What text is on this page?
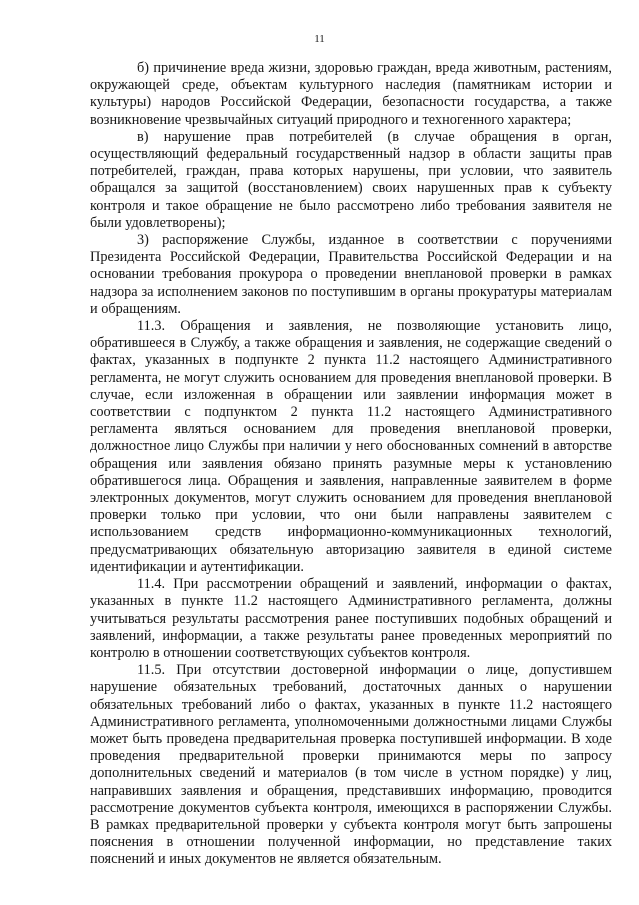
11

б) причинение вреда жизни, здоровью граждан, вреда животным, растениям, окружающей среде, объектам культурного наследия (памятникам истории и культуры) народов Российской Федерации, безопасности государства, а также возникновение чрезвычайных ситуаций природного и техногенного характера;

в) нарушение прав потребителей (в случае обращения в орган, осуществляющий федеральный государственный надзор в области защиты прав потребителей, граждан, права которых нарушены, при условии, что заявитель обращался за защитой (восстановлением) своих нарушенных прав к субъекту контроля и такое обращение не было рассмотрено либо требования заявителя не были удовлетворены);

3) распоряжение Службы, изданное в соответствии с поручениями Президента Российской Федерации, Правительства Российской Федерации и на основании требования прокурора о проведении внеплановой проверки в рамках надзора за исполнением законов по поступившим в органы прокуратуры материалам и обращениям.

11.3. Обращения и заявления, не позволяющие установить лицо, обратившееся в Службу, а также обращения и заявления, не содержащие сведений о фактах, указанных в подпункте 2 пункта 11.2 настоящего Административного регламента, не могут служить основанием для проведения внеплановой проверки. В случае, если изложенная в обращении или заявлении информация может в соответствии с подпунктом 2 пункта 11.2 настоящего Административного регламента являться основанием для проведения внеплановой проверки, должностное лицо Службы при наличии у него обоснованных сомнений в авторстве обращения или заявления обязано принять разумные меры к установлению обратившегося лица. Обращения и заявления, направленные заявителем в форме электронных документов, могут служить основанием для проведения внеплановой проверки только при условии, что они были направлены заявителем с использованием средств информационно-коммуникационных технологий, предусматривающих обязательную авторизацию заявителя в единой системе идентификации и аутентификации.

11.4. При рассмотрении обращений и заявлений, информации о фактах, указанных в пункте 11.2 настоящего Административного регламента, должны учитываться результаты рассмотрения ранее поступивших подобных обращений и заявлений, информации, а также результаты ранее проведенных мероприятий по контролю в отношении соответствующих субъектов контроля.

11.5. При отсутствии достоверной информации о лице, допустившем нарушение обязательных требований, достаточных данных о нарушении обязательных требований либо о фактах, указанных в пункте 11.2 настоящего Административного регламента, уполномоченными должностными лицами Службы может быть проведена предварительная проверка поступившей информации. В ходе проведения предварительной проверки принимаются меры по запросу дополнительных сведений и материалов (в том числе в устном порядке) у лиц, направивших заявления и обращения, представивших информацию, проводится рассмотрение документов субъекта контроля, имеющихся в распоряжении Службы. В рамках предварительной проверки у субъекта контроля могут быть запрошены пояснения в отношении полученной информации, но представление таких пояснений и иных документов не является обязательным.
